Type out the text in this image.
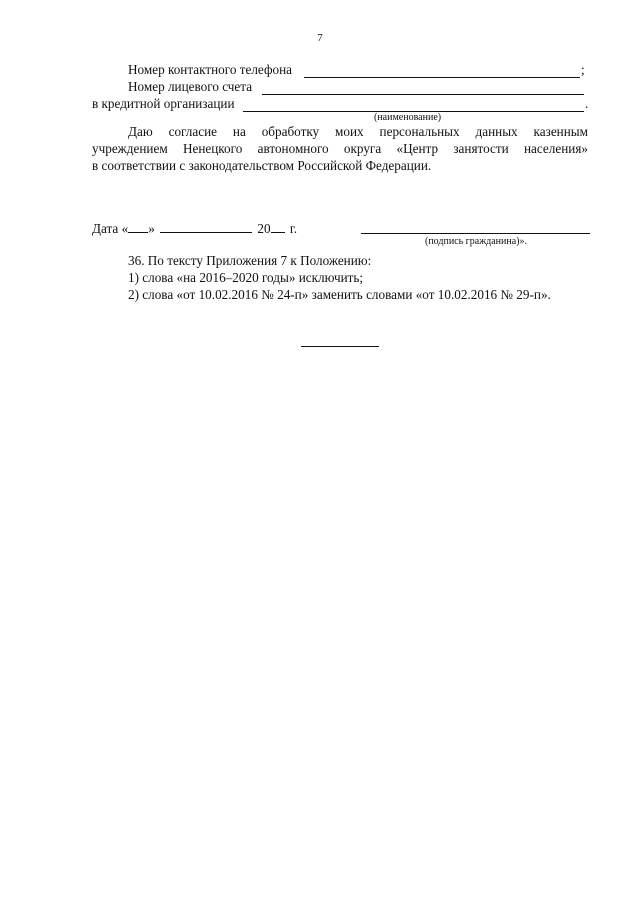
7
Номер контактного телефона	;
Номер лицевого счета
в кредитной организации	.
(наименование)
Даю согласие на обработку моих персональных данных казенным
учреждением Ненецкого автономного округа «Центр занятости населения»
в соответствии с законодательством Российской Федерации.
Дата « »	20 г.
(подпись гражданина)».
36. По тексту Приложения 7 к Положению:
1) слова «на 2016–2020 годы» исключить;
2) слова «от 10.02.2016 № 24-п» заменить словами «от 10.02.2016 № 29-п».
